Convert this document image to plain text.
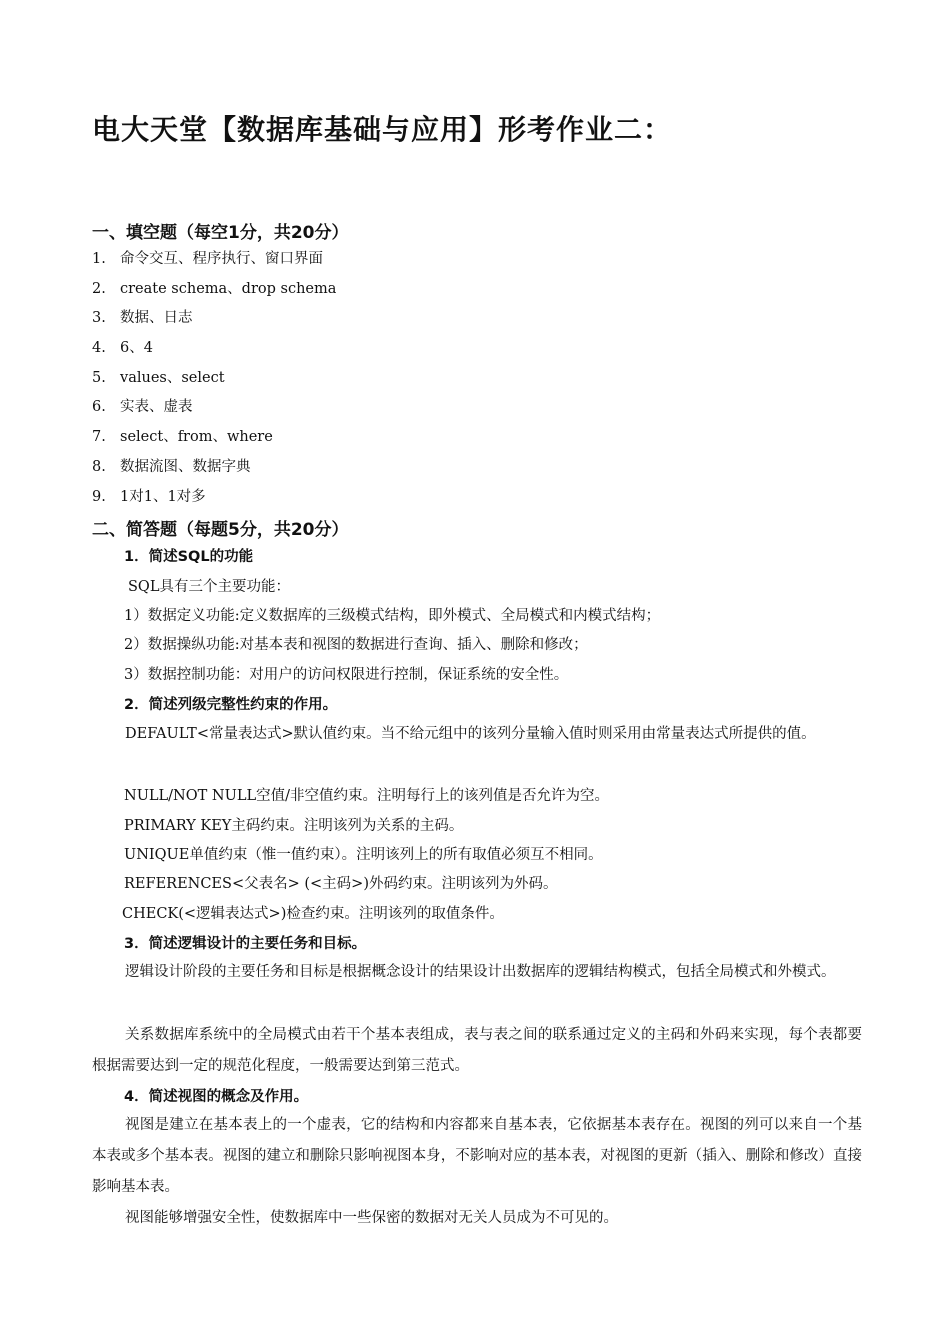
电大天堂【数据库基础与应用】形考作业二：
一、填空题（每空1分，共20分）
1. 命令交互、程序执行、窗口界面
2. create schema、drop schema
3. 数据、日志
4. 6、4
5. values、select
6. 实表、虚表
7. select、from、where
8. 数据流图、数据字典
9. 1对1、1对多
二、简答题（每题5分，共20分）

1．简述SQL的功能

SQL具有三个主要功能：

1）数据定义功能:定义数据库的三级模式结构，即外模式、全局模式和内模式结构；

2）数据操纵功能:对基本表和视图的数据进行查询、插入、删除和修改；

3）数据控制功能：对用户的访问权限进行控制，保证系统的安全性。

2．简述列级完整性约束的作用。

DEFAULT<常量表达式>默认值约束。当不给元组中的该列分量输入值时则采用由常量表达式所提供的值。

NULL/NOT NULL空值/非空值约束。注明每行上的该列值是否允许为空。

PRIMARY KEY主码约束。注明该列为关系的主码。

UNIQUE单值约束（惟一值约束）。注明该列上的所有取值必须互不相同。

REFERENCES<父表名> (<主码>)外码约束。注明该列为外码。

CHECK(<逻辑表达式>)检查约束。注明该列的取值条件。

3．简述逻辑设计的主要任务和目标。

逻辑设计阶段的主要任务和目标是根据概念设计的结果设计出数据库的逻辑结构模式，包括全局模式和外模式。

关系数据库系统中的全局模式由若干个基本表组成，表与表之间的联系通过定义的主码和外码来实现，每个表都要根据需要达到一定的规范化程度，一般需要达到第三范式。

4．简述视图的概念及作用。

视图是建立在基本表上的一个虚表，它的结构和内容都来自基本表，它依据基本表存在。视图的列可以来自一个基本表或多个基本表。视图的建立和删除只影响视图本身，不影响对应的基本表，对视图的更新（插入、删除和修改）直接影响基本表。

视图能够增强安全性，使数据库中一些保密的数据对无关人员成为不可见的。
